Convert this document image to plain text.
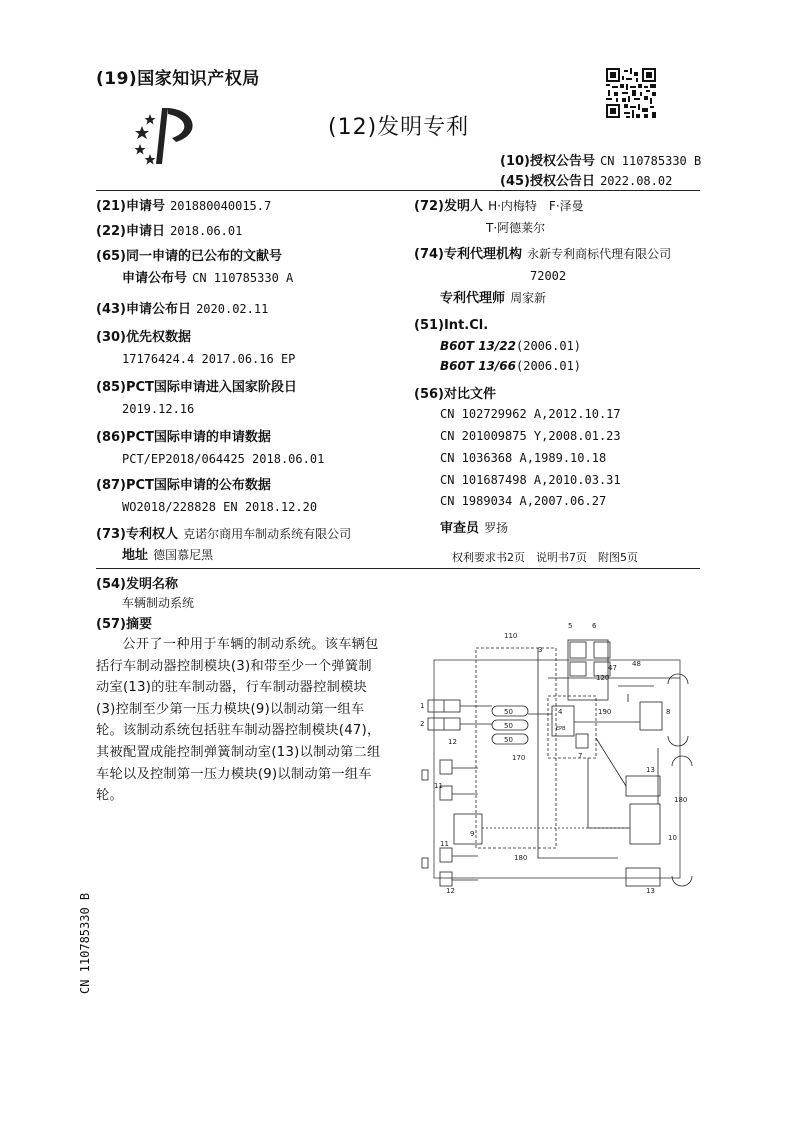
(19)国家知识产权局
(12)发明专利
(10)授权公告号 CN 110785330 B
(45)授权公告日 2022.08.02
(21)申请号 201880040015.7
(22)申请日 2018.06.01
(65)同一申请的已公布的文献号
申请公布号 CN 110785330 A
(43)申请公布日 2020.02.11
(30)优先权数据
17176424.4 2017.06.16 EP
(85)PCT国际申请进入国家阶段日
2019.12.16
(86)PCT国际申请的申请数据
PCT/EP2018/064425 2018.06.01
(87)PCT国际申请的公布数据
WO2018/228828 EN 2018.12.20
(73)专利权人 克诺尔商用车制动系统有限公司
地址 德国慕尼黑
(72)发明人 H·内梅特　F·泽曼
T·阿德莱尔
(74)专利代理机构 永新专利商标代理有限公司
72002
专利代理师 周家新
(51)Int.Cl.
B60T 13/22(2006.01)
B60T 13/66(2006.01)
(56)对比文件
CN 102729962 A,2012.10.17
CN 201009875 Y,2008.01.23
CN 1036368 A,1989.10.18
CN 101687498 A,2010.03.31
CN 1989034 A,2007.06.27
审查员 罗扬
权利要求书2页　说明书7页　附图5页
(54)发明名称
车辆制动系统
(57)摘要
公开了一种用于车辆的制动系统。该车辆包括行车制动器控制模块(3)和带至少一个弹簧制动室(13)的驻车制动器，行车制动器控制模块(3)控制至少第一压力模块(9)以制动第一组车轮。该制动系统包括驻车制动器控制模块(47)，其被配置成能控制弹簧制动室(13)以制动第二组车轮以及控制第一压力模块(9)以制动第一组车轮。
CN 110785330 B
110
3
5	6
120
47 48
190
1
2
50
50
50
4
EPB
7
8
170
12
11
13
180
10
9
180
11
12	13
